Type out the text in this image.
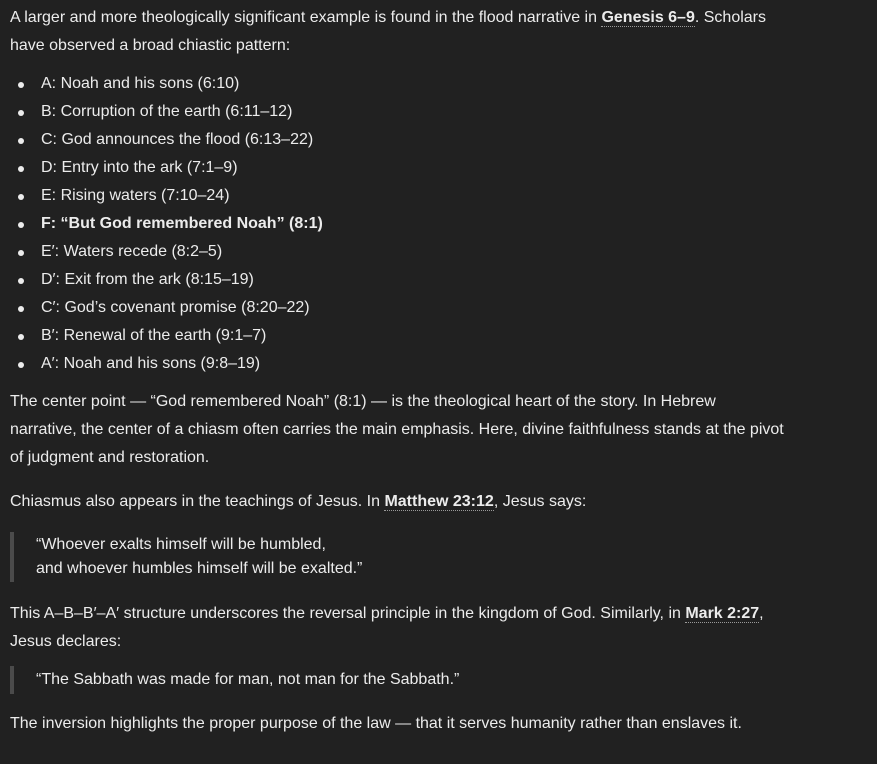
A larger and more theologically significant example is found in the flood narrative in Genesis 6–9. Scholars have observed a broad chiastic pattern:

A: Noah and his sons (6:10)
B: Corruption of the earth (6:11–12)
C: God announces the flood (6:13–22)
D: Entry into the ark (7:1–9)
E: Rising waters (7:10–24)
F: “But God remembered Noah” (8:1)
E′: Waters recede (8:2–5)
D′: Exit from the ark (8:15–19)
C′: God’s covenant promise (8:20–22)
B′: Renewal of the earth (9:1–7)
A′: Noah and his sons (9:8–19)

The center point — “God remembered Noah” (8:1) — is the theological heart of the story. In Hebrew narrative, the center of a chiasm often carries the main emphasis. Here, divine faithfulness stands at the pivot of judgment and restoration.

Chiasmus also appears in the teachings of Jesus. In Matthew 23:12, Jesus says:

“Whoever exalts himself will be humbled,
and whoever humbles himself will be exalted.”

This A–B–B′–A′ structure underscores the reversal principle in the kingdom of God. Similarly, in Mark 2:27, Jesus declares:

“The Sabbath was made for man, not man for the Sabbath.”

The inversion highlights the proper purpose of the law — that it serves humanity rather than enslaves it.
